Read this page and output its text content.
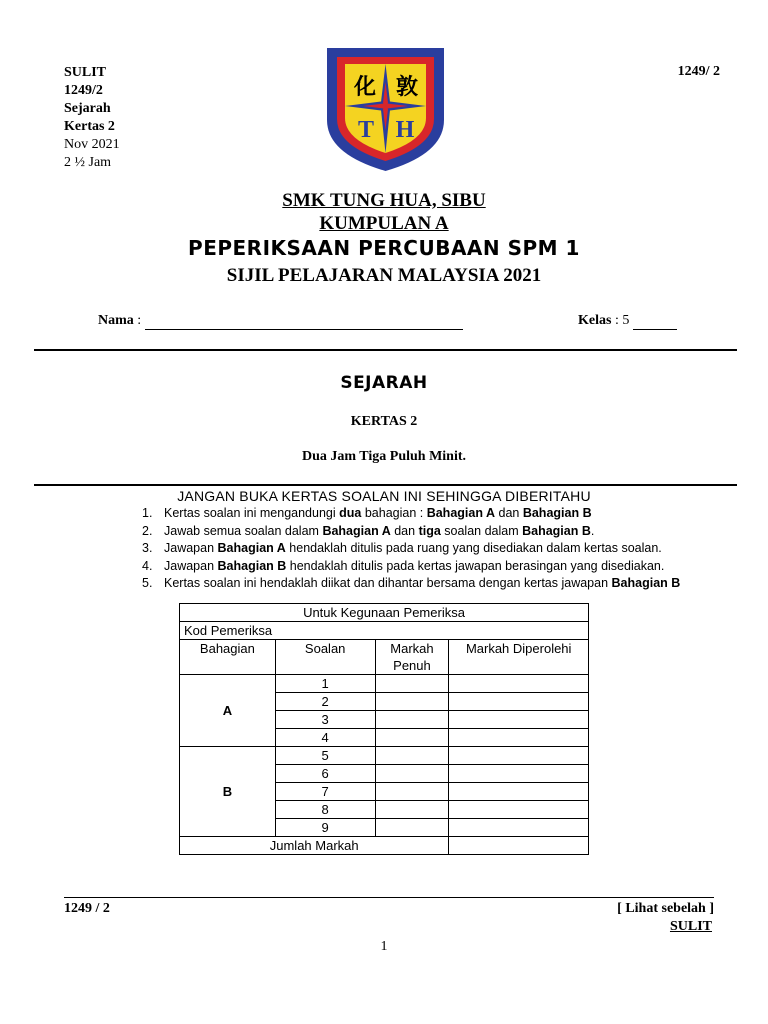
SULIT
1249/2
Sejarah
Kertas 2
Nov 2021
2 ½ Jam
1249/ 2
化 敦
T H
SMK TUNG HUA, SIBU
KUMPULAN A
PEPERIKSAAN PERCUBAAN SPM 1
SIJIL PELAJARAN MALAYSIA 2021
Nama :	Kelas : 5
SEJARAH
KERTAS 2
Dua Jam Tiga Puluh Minit.
JANGAN BUKA KERTAS SOALAN INI SEHINGGA DIBERITAHU
1. Kertas soalan ini mengandungi dua bahagian : Bahagian A dan Bahagian B
2. Jawab semua soalan dalam Bahagian A dan tiga soalan dalam Bahagian B.
3. Jawapan Bahagian A hendaklah ditulis pada ruang yang disediakan dalam kertas soalan.
4. Jawapan Bahagian B hendaklah ditulis pada kertas jawapan berasingan yang disediakan.
5. Kertas soalan ini hendaklah diikat dan dihantar bersama dengan kertas jawapan Bahagian B
Untuk Kegunaan Pemeriksa			
Kod Pemeriksa			
Bahagian	Soalan	Markah Penuh	Markah Diperolehi
A	1		
	2		
	3		
	4		
B	5		
	6		
	7		
	8		
	9		
Jumlah Markah			
1249 / 2	[ Lihat sebelah ]
SULIT
1
